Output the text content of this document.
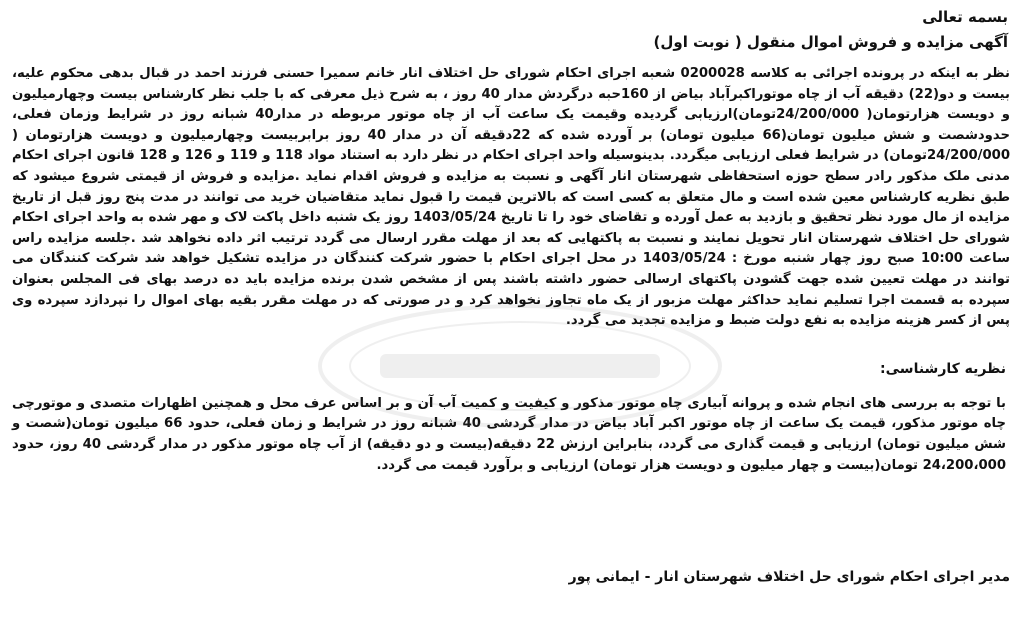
بسمه تعالی

آگهی مزایده و فروش اموال منقول ( نوبت اول)

نظر به اینکه در پرونده اجرائی به کلاسه 0200028 شعبه اجرای احکام شورای حل اختلاف انار خانم سمیرا حسنی فرزند احمد در قبال بدهی محکوم علیه، بیست و دو(22) دقیقه آب از چاه موتوراکبرآباد بیاض از 160حبه درگردش مدار 40 روز ، به شرح ذیل معرفی که با جلب نظر کارشناس بیست وچهارمیلیون و دویست هزارتومان( 24/200/000تومان)ارزیابی گردیده وقیمت یک ساعت آب از چاه موتور مربوطه در مدار40 شبانه روز در شرایط وزمان فعلی، حدودشصت و شش میلیون تومان(66 میلیون تومان) بر آورده شده که 22دقیقه آن در مدار 40 روز برابربیست وچهارمیلیون و دویست هزارتومان ( 24/200/000تومان) در شرایط فعلی ارزیابی میگردد. بدینوسیله واحد اجرای احکام در نظر دارد به استناد مواد 118 و 119 و 126 و 128 قانون اجرای احکام مدنی ملک مذکور رادر سطح حوزه استحفاظی شهرستان انار آگهی و نسبت به مزایده و فروش اقدام نماید .مزایده و فروش از قیمتی شروع میشود که طبق نظریه کارشناس معین شده است و مال متعلق به کسی است که بالاترین قیمت را قبول نماید متقاضیان خرید می توانند در مدت پنج روز قبل از تاریخ مزایده از مال مورد نظر تحقیق و بازدید به عمل آورده و تقاضای خود را تا تاریخ 1403/05/24 روز یک شنبه داخل پاکت لاک و مهر شده به واحد اجرای احکام شورای حل اختلاف شهرستان انار تحویل نمایند و نسبت به پاکتهایی که بعد از مهلت مقرر ارسال می گردد ترتیب اثر داده نخواهد شد .جلسه مزایده راس ساعت 10:00 صبح روز چهار شنبه مورخ : 1403/05/24 در محل اجرای احکام با حضور شرکت کنندگان در مزایده تشکیل خواهد شد شرکت کنندگان می توانند در مهلت تعیین شده جهت گشودن پاکتهای ارسالی حضور داشته باشند پس از مشخص شدن برنده مزایده باید ده درصد بهای فی المجلس بعنوان سپرده به قسمت اجرا تسلیم نماید حداکثر مهلت مزبور از یک ماه تجاوز نخواهد کرد و در صورتی که در مهلت مقرر بقیه بهای اموال را نپردازد سپرده وی پس از کسر هزینه مزایده به نفع دولت ضبط و مزایده تجدید می گردد.

نظریه کارشناسی:

با توجه به بررسی های انجام شده و پروانه آبیاری چاه موتور مذکور و کیفیت و کمیت آب آن و بر اساس عرف محل و همچنین اظهارات متصدی و موتورچی چاه موتور مذکور، قیمت یک ساعت از چاه موتور اکبر آباد بیاض در مدار گردشی 40 شبانه روز در شرایط و زمان فعلی، حدود 66 میلیون تومان(شصت و شش میلیون تومان) ارزیابی و قیمت گذاری می گردد، بنابراین ارزش 22 دقیقه(بیست و دو دقیقه) از آب چاه موتور مذکور در مدار گردشی 40 روز، حدود 24،200،000 تومان(بیست و چهار میلیون و دویست هزار تومان) ارزیابی و برآورد قیمت می گردد.

مدیر اجرای احکام شورای حل اختلاف شهرستان انار - ایمانی پور
